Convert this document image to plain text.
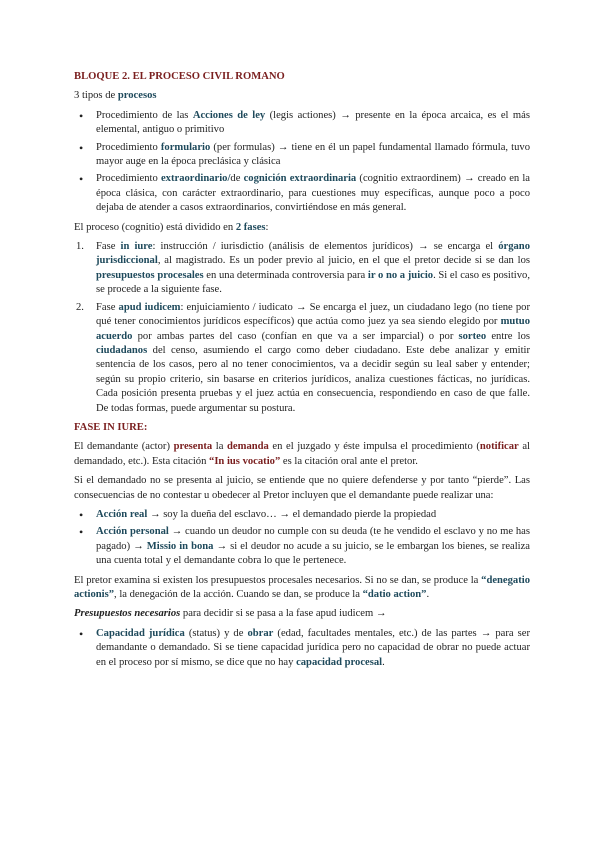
BLOQUE 2. EL PROCESO CIVIL ROMANO

3 tipos de procesos

• Procedimiento de las Acciones de ley (legis actiones) → presente en la época arcaica, es el más elemental, antiguo o primitivo
• Procedimiento formulario (per formulas) → tiene en él un papel fundamental llamado fórmula, tuvo mayor auge en la época preclásica y clásica
• Procedimiento extraordinario/de cognición extraordinaria (cognitio extraordinem) → creado en la época clásica, con carácter extraordinario, para cuestiones muy específicas, aunque poco a poco dejaba de atender a casos extraordinarios, convirtiéndose en más general.

El proceso (cognitio) está dividido en 2 fases:

1. Fase in iure: instrucción / iurisdictio (análisis de elementos jurídicos) → se encarga el órgano jurisdiccional, al magistrado. Es un poder previo al juicio, en el que el pretor decide si se dan los presupuestos procesales en una determinada controversia para ir o no a juicio. Si el caso es positivo, se procede a la siguiente fase.
2. Fase apud iudicem: enjuiciamiento / iudicato → Se encarga el juez, un ciudadano lego (no tiene por qué tener conocimientos jurídicos específicos) que actúa como juez ya sea siendo elegido por mutuo acuerdo por ambas partes del caso (confían en que va a ser imparcial) o por sorteo entre los ciudadanos del censo, asumiendo el cargo como deber ciudadano. Este debe analizar y emitir sentencia de los casos, pero al no tener conocimientos, va a decidir según su leal saber y entender; según su propio criterio, sin basarse en criterios jurídicos, analiza cuestiones fácticas, no jurídicas. Cada posición presenta pruebas y el juez actúa en consecuencia, respondiendo en caso de que falle. De todas formas, puede argumentar su postura.

FASE IN IURE:

El demandante (actor) presenta la demanda en el juzgado y éste impulsa el procedimiento (notificar al demandado, etc.). Esta citación “In ius vocatio” es la citación oral ante el pretor.

Si el demandado no se presenta al juicio, se entiende que no quiere defenderse y por tanto “pierde”. Las consecuencias de no contestar u obedecer al Pretor incluyen que el demandante puede realizar una:

• Acción real → soy la dueña del esclavo… → el demandado pierde la propiedad
• Acción personal → cuando un deudor no cumple con su deuda (te he vendido el esclavo y no me has pagado) → Missio in bona → si el deudor no acude a su juicio, se le embargan los bienes, se realiza una cuenta total y el demandante cobra lo que le pertenece.

El pretor examina si existen los presupuestos procesales necesarios. Si no se dan, se produce la “denegatio actionis”, la denegación de la acción. Cuando se dan, se produce la “datio action”.

Presupuestos necesarios para decidir si se pasa a la fase apud iudicem →

• Capacidad jurídica (status) y de obrar (edad, facultades mentales, etc.) de las partes → para ser demandante o demandado. Si se tiene capacidad jurídica pero no capacidad de obrar no puede actuar en el proceso por sí mismo, se dice que no hay capacidad procesal.
